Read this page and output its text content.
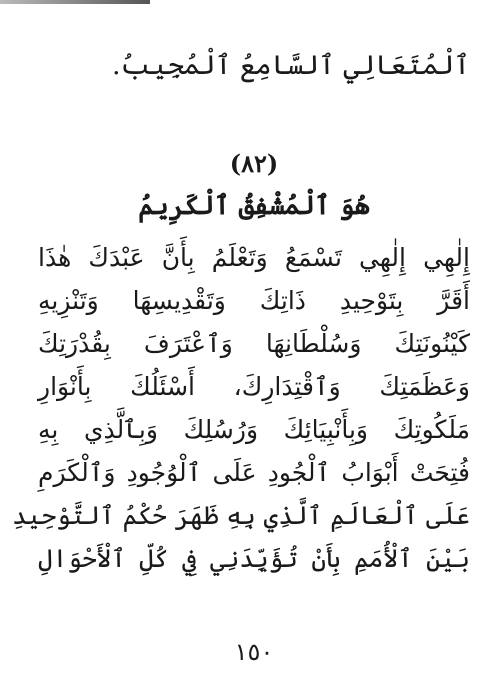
ٱلْمُتَعَالِي ٱلسَّامِعُ ٱلْمُجِيبُ.
(٨٢)
هُوَ ٱلْمُشْفِقُ ٱلْكَرِيمُ
إِلٰهِي إِلٰهِي تَسْمَعُ وَتَعْلَمُ بِأَنَّ عَبْدَكَ هٰذَا
أَقَرَّ بِتَوْحِيدِ ذَاتِكَ وَتَقْدِيسِهَا وَتَنْزِيهِ
كَيْنُونَتِكَ وَسُلْطَانِهَا وَٱعْتَرَفَ بِقُدْرَتِكَ
وَعَظَمَتِكَ وَٱقْتِدَارِكَ، أَسْئَلُكَ بِأَنْوَارِ
مَلَكُوتِكَ وَبِأَنْبِيَائِكَ وَرُسُلِكَ وَبِٱلَّذِي بِهِ
فُتِحَتْ أَبْوَابُ ٱلْجُودِ عَلَى ٱلْوُجُودِ وَٱلْكَرَمِ
عَلَى ٱلْعَالَمِ ٱلَّذِي بِهِ ظَهَرَ حُكْمُ ٱلتَّوْحِيدِ
بَيْنَ ٱلْأُمَمِ بِأَنْ تُؤَيِّدَنِي فِي كُلِّ ٱلْأَحْوَالِ
١٥٠
